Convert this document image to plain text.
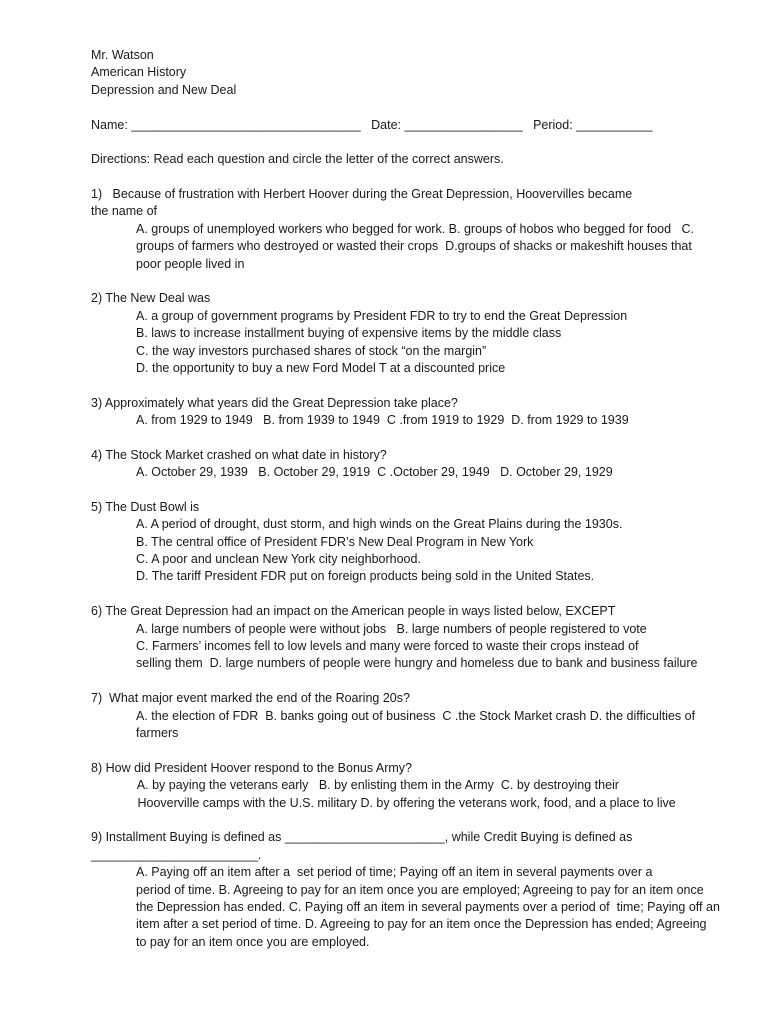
Mr. Watson
American History
Depression and New Deal
Name: _________________________________   Date: _________________   Period: ___________
Directions: Read each question and circle the letter of the correct answers.
1)   Because of frustration with Herbert Hoover during the Great Depression, Hoovervilles became
the name of
A. groups of unemployed workers who begged for work. B. groups of hobos who begged for food   C.
groups of farmers who destroyed or wasted their crops  D.groups of shacks or makeshift houses that
poor people lived in
2) The New Deal was
A. a group of government programs by President FDR to try to end the Great Depression
B. laws to increase installment buying of expensive items by the middle class
C. the way investors purchased shares of stock “on the margin”
D. the opportunity to buy a new Ford Model T at a discounted price
3) Approximately what years did the Great Depression take place?
A. from 1929 to 1949   B. from 1939 to 1949  C .from 1919 to 1929  D. from 1929 to 1939
4) The Stock Market crashed on what date in history?
A. October 29, 1939   B. October 29, 1919  C .October 29, 1949   D. October 29, 1929
5) The Dust Bowl is
A. A period of drought, dust storm, and high winds on the Great Plains during the 1930s.
B. The central office of President FDR’s New Deal Program in New York
C. A poor and unclean New York city neighborhood.
D. The tariff President FDR put on foreign products being sold in the United States.
6) The Great Depression had an impact on the American people in ways listed below, EXCEPT
A. large numbers of people were without jobs   B. large numbers of people registered to vote
C. Farmers’ incomes fell to low levels and many were forced to waste their crops instead of
selling them  D. large numbers of people were hungry and homeless due to bank and business failure
7)  What major event marked the end of the Roaring 20s?
A. the election of FDR  B. banks going out of business  C .the Stock Market crash D. the difficulties of
farmers
8) How did President Hoover respond to the Bonus Army?
A. by paying the veterans early   B. by enlisting them in the Army  C. by destroying their
Hooverville camps with the U.S. military D. by offering the veterans work, food, and a place to live
9) Installment Buying is defined as _______________________, while Credit Buying is defined as
________________________.
A. Paying off an item after a  set period of time; Paying off an item in several payments over a
period of time. B. Agreeing to pay for an item once you are employed; Agreeing to pay for an item once
the Depression has ended. C. Paying off an item in several payments over a period of  time; Paying off an
item after a set period of time. D. Agreeing to pay for an item once the Depression has ended; Agreeing
to pay for an item once you are employed.
